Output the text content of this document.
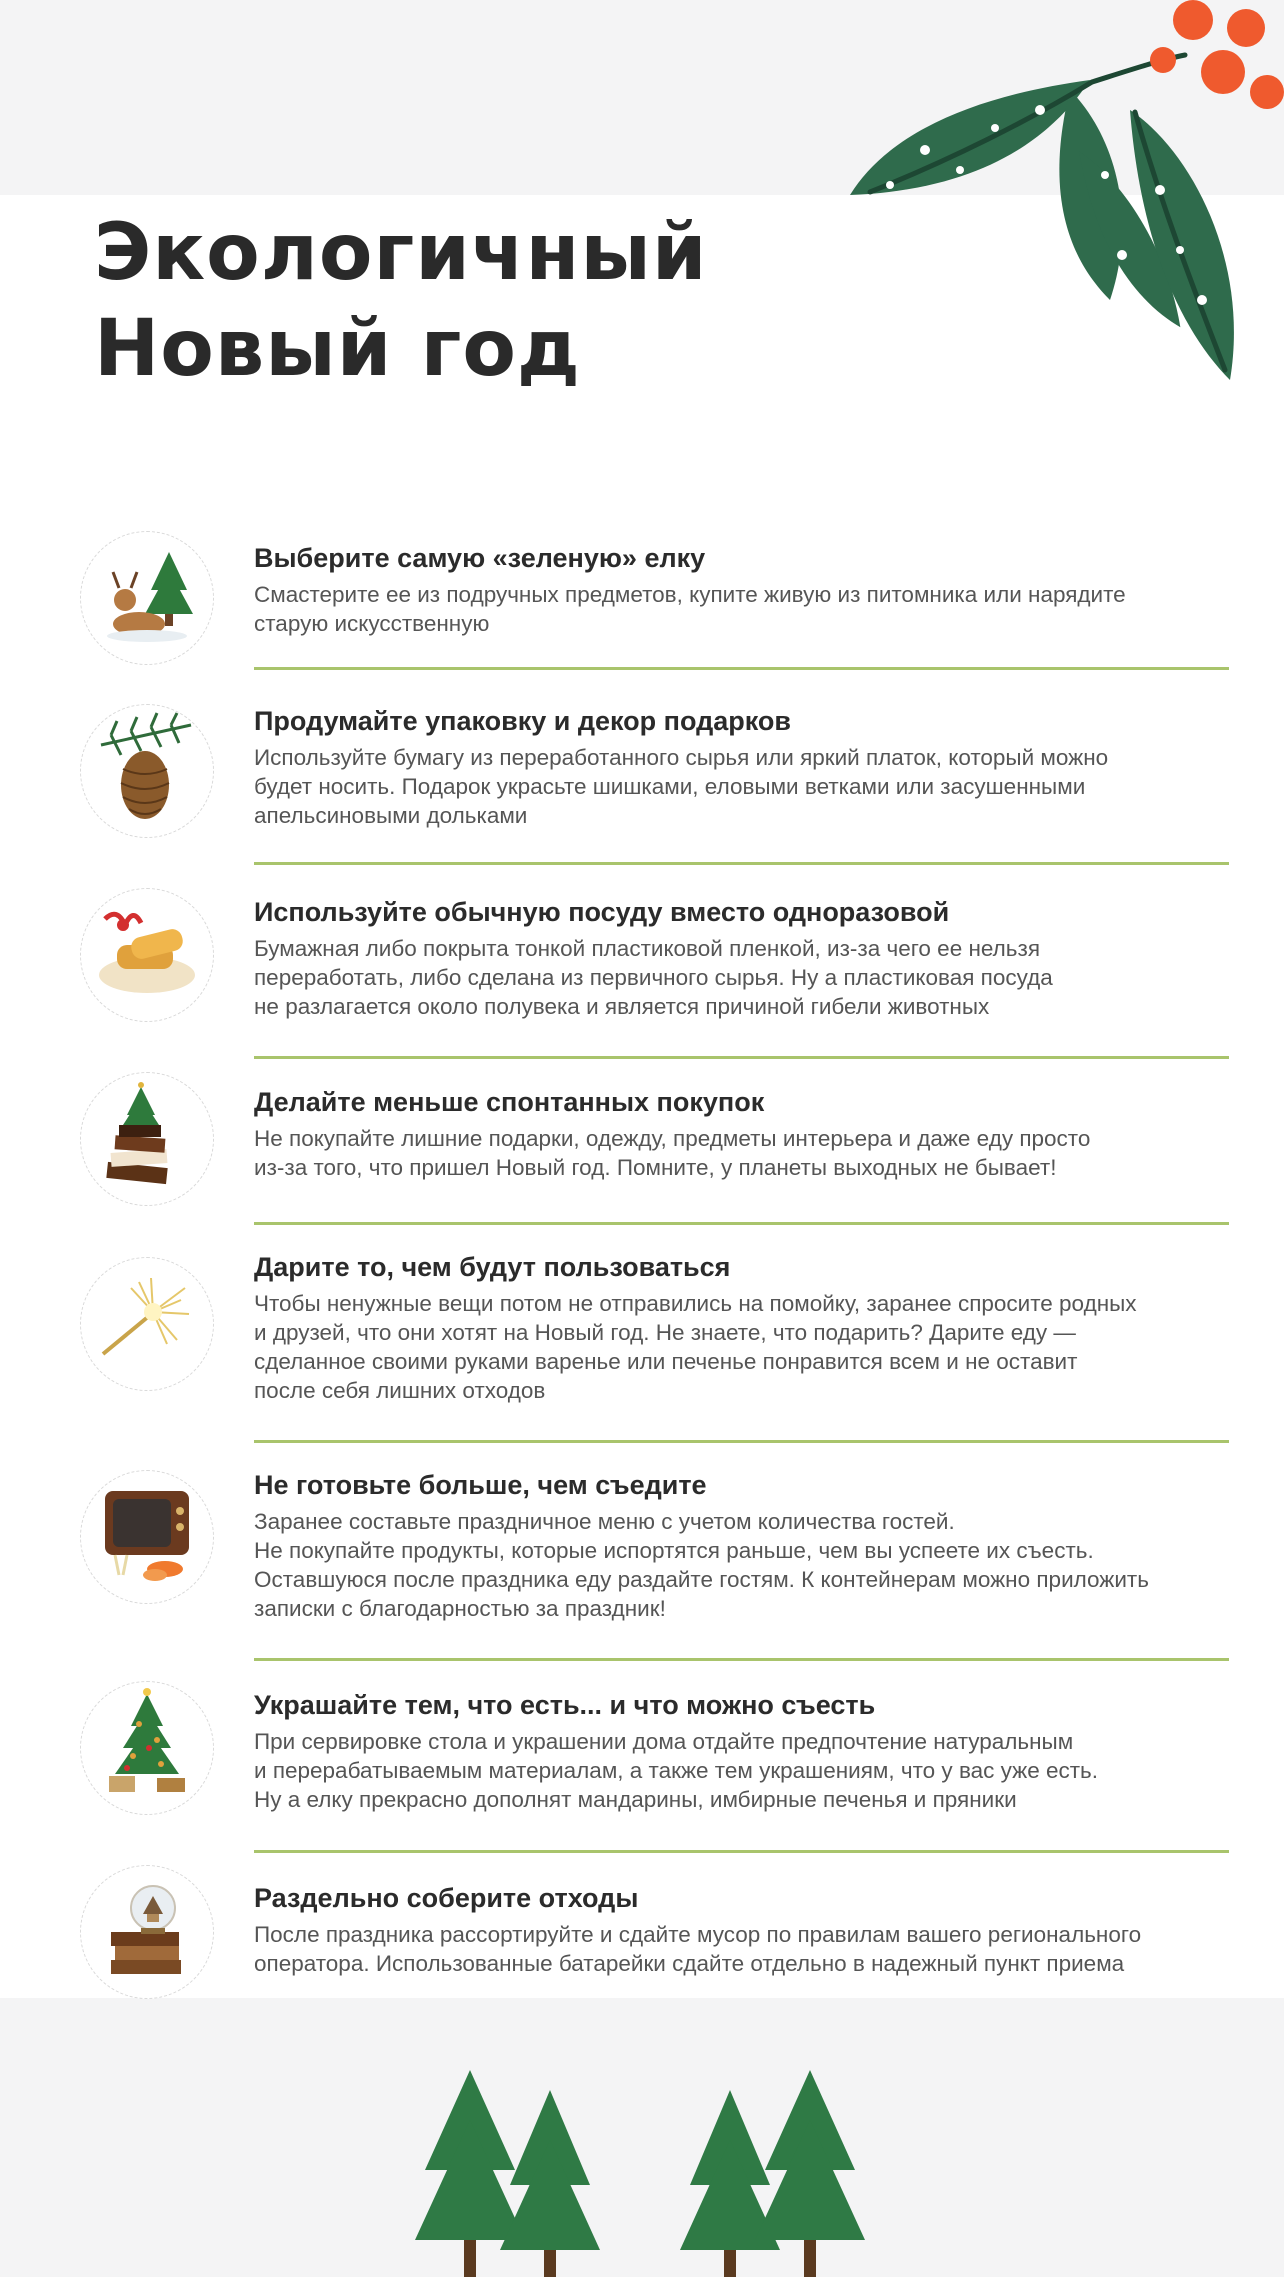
Экологичный
Новый год

Выберите самую «зеленую» елку

Смастерите ее из подручных предметов, купите живую из питомника или нарядите
старую искусственную

Продумайте упаковку и декор подарков

Используйте бумагу из переработанного сырья или яркий платок, который можно
будет носить. Подарок украсьте шишками, еловыми ветками или засушенными
апельсиновыми дольками

Используйте обычную посуду вместо одноразовой

Бумажная либо покрыта тонкой пластиковой пленкой, из-за чего ее нельзя
переработать, либо сделана из первичного сырья. Ну а пластиковая посуда
не разлагается около полувека и является причиной гибели животных

Делайте меньше спонтанных покупок

Не покупайте лишние подарки, одежду, предметы интерьера и даже еду просто
из-за того, что пришел Новый год. Помните, у планеты выходных не бывает!

Дарите то, чем будут пользоваться

Чтобы ненужные вещи потом не отправились на помойку, заранее спросите родных
и друзей, что они хотят на Новый год. Не знаете, что подарить? Дарите еду —
сделанное своими руками варенье или печенье понравится всем и не оставит
после себя лишних отходов

Не готовьте больше, чем съедите

Заранее составьте праздничное меню с учетом количества гостей.
Не покупайте продукты, которые испортятся раньше, чем вы успеете их съесть.
Оставшуюся после праздника еду раздайте гостям. К контейнерам можно приложить
записки с благодарностью за праздник!

Украшайте тем, что есть... и что можно съесть

При сервировке стола и украшении дома отдайте предпочтение натуральным
и перерабатываемым материалам, а также тем украшениям, что у вас уже есть.
Ну а елку прекрасно дополнят мандарины, имбирные печенья и пряники

Раздельно соберите отходы

После праздника рассортируйте и сдайте мусор по правилам вашего регионального
оператора. Использованные батарейки сдайте отдельно в надежный пункт приема
